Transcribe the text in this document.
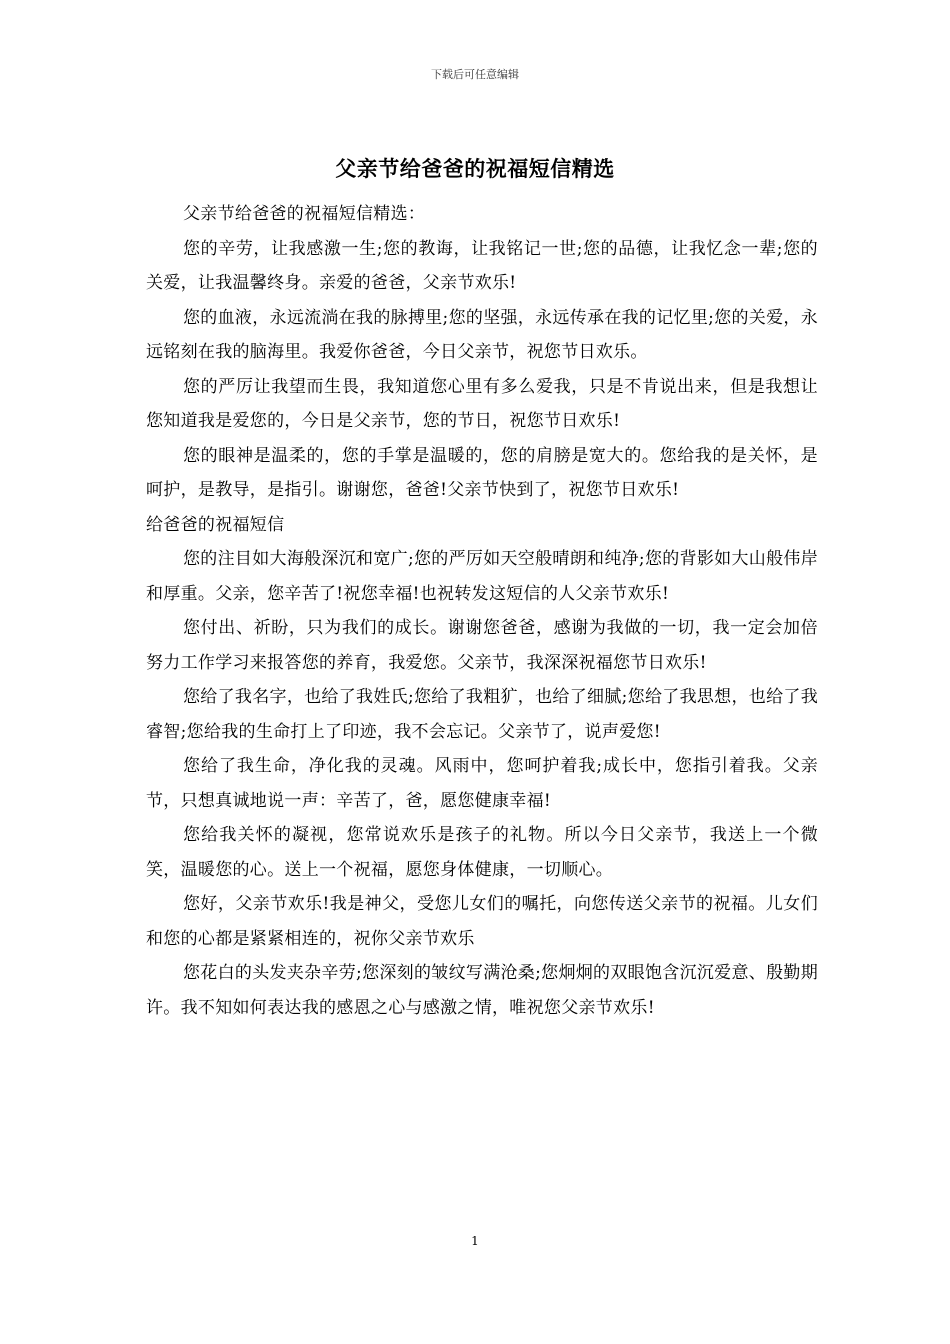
下载后可任意编辑
父亲节给爸爸的祝福短信精选

父亲节给爸爸的祝福短信精选：

您的辛劳，让我感激一生;您的教诲，让我铭记一世;您的品德，让我忆念一辈;您的关爱，让我温馨终身。亲爱的爸爸，父亲节欢乐!

您的血液，永远流淌在我的脉搏里;您的坚强，永远传承在我的记忆里;您的关爱，永远铭刻在我的脑海里。我爱你爸爸，今日父亲节，祝您节日欢乐。

您的严厉让我望而生畏，我知道您心里有多么爱我，只是不肯说出来，但是我想让您知道我是爱您的，今日是父亲节，您的节日，祝您节日欢乐!

您的眼神是温柔的，您的手掌是温暖的，您的肩膀是宽大的。您给我的是关怀，是呵护，是教导，是指引。谢谢您，爸爸!父亲节快到了，祝您节日欢乐!

给爸爸的祝福短信

您的注目如大海般深沉和宽广;您的严厉如天空般晴朗和纯净;您的背影如大山般伟岸和厚重。父亲，您辛苦了!祝您幸福!也祝转发这短信的人父亲节欢乐!

您付出、祈盼，只为我们的成长。谢谢您爸爸，感谢为我做的一切，我一定会加倍努力工作学习来报答您的养育，我爱您。父亲节，我深深祝福您节日欢乐!

您给了我名字，也给了我姓氏;您给了我粗犷，也给了细腻;您给了我思想，也给了我睿智;您给我的生命打上了印迹，我不会忘记。父亲节了，说声爱您!

您给了我生命，净化我的灵魂。风雨中，您呵护着我;成长中，您指引着我。父亲节，只想真诚地说一声：辛苦了，爸，愿您健康幸福!

您给我关怀的凝视，您常说欢乐是孩子的礼物。所以今日父亲节，我送上一个微笑，温暖您的心。送上一个祝福，愿您身体健康，一切顺心。

您好，父亲节欢乐!我是神父，受您儿女们的嘱托，向您传送父亲节的祝福。儿女们和您的心都是紧紧相连的，祝你父亲节欢乐

您花白的头发夹杂辛劳;您深刻的皱纹写满沧桑;您炯炯的双眼饱含沉沉爱意、殷勤期许。我不知如何表达我的感恩之心与感激之情，唯祝您父亲节欢乐!

1
